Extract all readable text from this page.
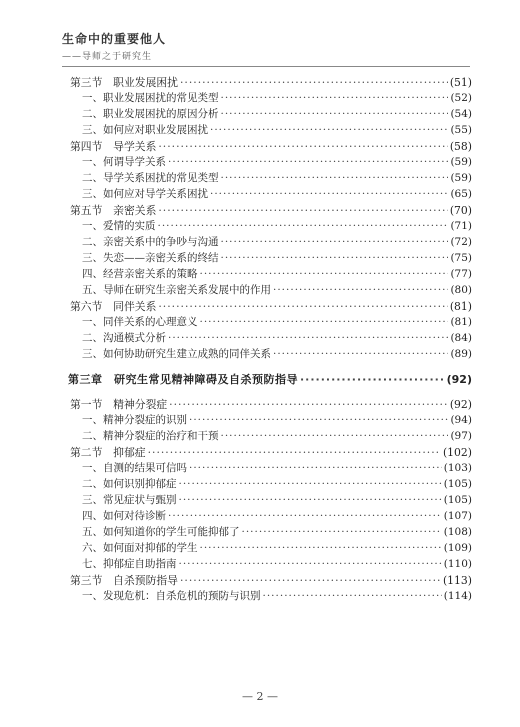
生命中的重要他人
——导师之于研究生
第三节　职业发展困扰 ·····	(51)
一、职业发展困扰的常见类型 ·····	(52)
二、职业发展困扰的原因分析 ·····	(54)
三、如何应对职业发展困扰 ·····	(55)
第四节　导学关系 ·····	(58)
一、何谓导学关系 ·····	(59)
二、导学关系困扰的常见类型 ·····	(59)
三、如何应对导学关系困扰 ·····	(65)
第五节　亲密关系 ·····	(70)
一、爱情的实质 ·····	(71)
二、亲密关系中的争吵与沟通 ·····	(72)
三、失恋——亲密关系的终结 ·····	(75)
四、经营亲密关系的策略 ·····	(77)
五、导师在研究生亲密关系发展中的作用 ·····	(80)
第六节　同伴关系 ·····	(81)
一、同伴关系的心理意义 ·····	(81)
二、沟通模式分析 ·····	(84)
三、如何协助研究生建立成熟的同伴关系 ·····	(89)
第三章　研究生常见精神障碍及自杀预防指导 ·····	(92)
第一节　精神分裂症 ·····	(92)
一、精神分裂症的识别 ·····	(94)
二、精神分裂症的治疗和干预 ·····	(97)
第二节　抑郁症 ·····	(102)
一、自测的结果可信吗 ·····	(103)
二、如何识别抑郁症 ·····	(105)
三、常见症状与甄别 ·····	(105)
四、如何对待诊断 ·····	(107)
五、如何知道你的学生可能抑郁了 ·····	(108)
六、如何面对抑郁的学生 ·····	(109)
七、抑郁症自助指南 ·····	(110)
第三节　自杀预防指导 ·····	(113)
一、发现危机：自杀危机的预防与识别 ·····	(114)
— 2 —
